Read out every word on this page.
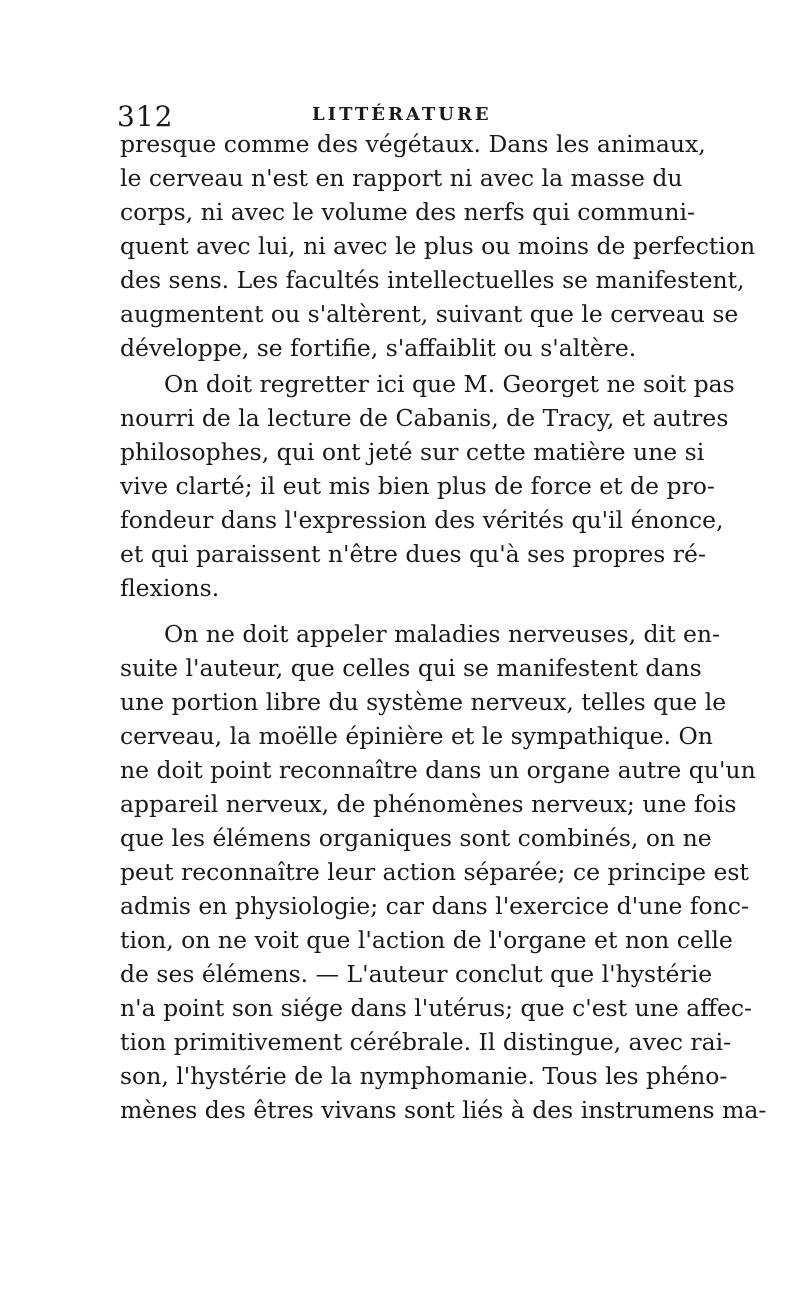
312	LITTÉRATURE
presque comme des végétaux. Dans les animaux,
le cerveau n'est en rapport ni avec la masse du
corps, ni avec le volume des nerfs qui communi-
quent avec lui, ni avec le plus ou moins de perfection
des sens. Les facultés intellectuelles se manifestent,
augmentent ou s'altèrent, suivant que le cerveau se
développe, se fortifie, s'affaiblit ou s'altère.
On doit regretter ici que M. Georget ne soit pas
nourri de la lecture de Cabanis, de Tracy, et autres
philosophes, qui ont jeté sur cette matière une si
vive clarté; il eut mis bien plus de force et de pro-
fondeur dans l'expression des vérités qu'il énonce,
et qui paraissent n'être dues qu'à ses propres ré-
flexions.
On ne doit appeler maladies nerveuses, dit en-
suite l'auteur, que celles qui se manifestent dans
une portion libre du système nerveux, telles que le
cerveau, la moëlle épinière et le sympathique. On
ne doit point reconnaître dans un organe autre qu'un
appareil nerveux, de phénomènes nerveux; une fois
que les élémens organiques sont combinés, on ne
peut reconnaître leur action séparée; ce principe est
admis en physiologie; car dans l'exercice d'une fonc-
tion, on ne voit que l'action de l'organe et non celle
de ses élémens. — L'auteur conclut que l'hystérie
n'a point son siége dans l'utérus; que c'est une affec-
tion primitivement cérébrale. Il distingue, avec rai-
son, l'hystérie de la nymphomanie. Tous les phéno-
mènes des êtres vivans sont liés à des instrumens ma-
